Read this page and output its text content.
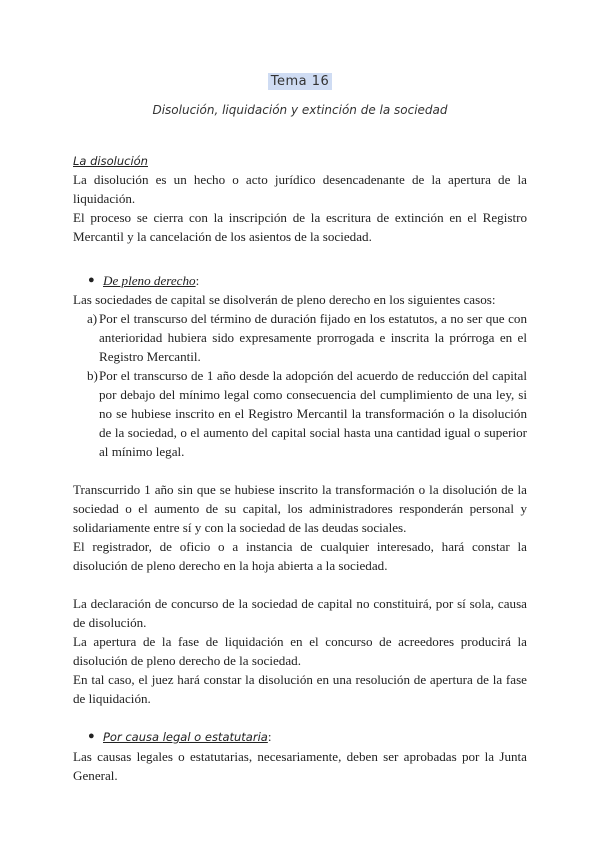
Tema 16
Disolución, liquidación y extinción de la sociedad
La disolución

La disolución es un hecho o acto jurídico desencadenante de la apertura de la liquidación.

El proceso se cierra con la inscripción de la escritura de extinción en el Registro Mercantil y la cancelación de los asientos de la sociedad.

● De pleno derecho:

Las sociedades de capital se disolverán de pleno derecho en los siguientes casos:

a) Por el transcurso del término de duración fijado en los estatutos, a no ser que con anterioridad hubiera sido expresamente prorrogada e inscrita la prórroga en el Registro Mercantil.
b) Por el transcurso de 1 año desde la adopción del acuerdo de reducción del capital por debajo del mínimo legal como consecuencia del cumplimiento de una ley, si no se hubiese inscrito en el Registro Mercantil la transformación o la disolución de la sociedad, o el aumento del capital social hasta una cantidad igual o superior al mínimo legal.

Transcurrido 1 año sin que se hubiese inscrito la transformación o la disolución de la sociedad o el aumento de su capital, los administradores responderán personal y solidariamente entre sí y con la sociedad de las deudas sociales.

El registrador, de oficio o a instancia de cualquier interesado, hará constar la disolución de pleno derecho en la hoja abierta a la sociedad.

La declaración de concurso de la sociedad de capital no constituirá, por sí sola, causa de disolución.

La apertura de la fase de liquidación en el concurso de acreedores producirá la disolución de pleno derecho de la sociedad.

En tal caso, el juez hará constar la disolución en una resolución de apertura de la fase de liquidación.

● Por causa legal o estatutaria:

Las causas legales o estatutarias, necesariamente, deben ser aprobadas por la Junta General.
